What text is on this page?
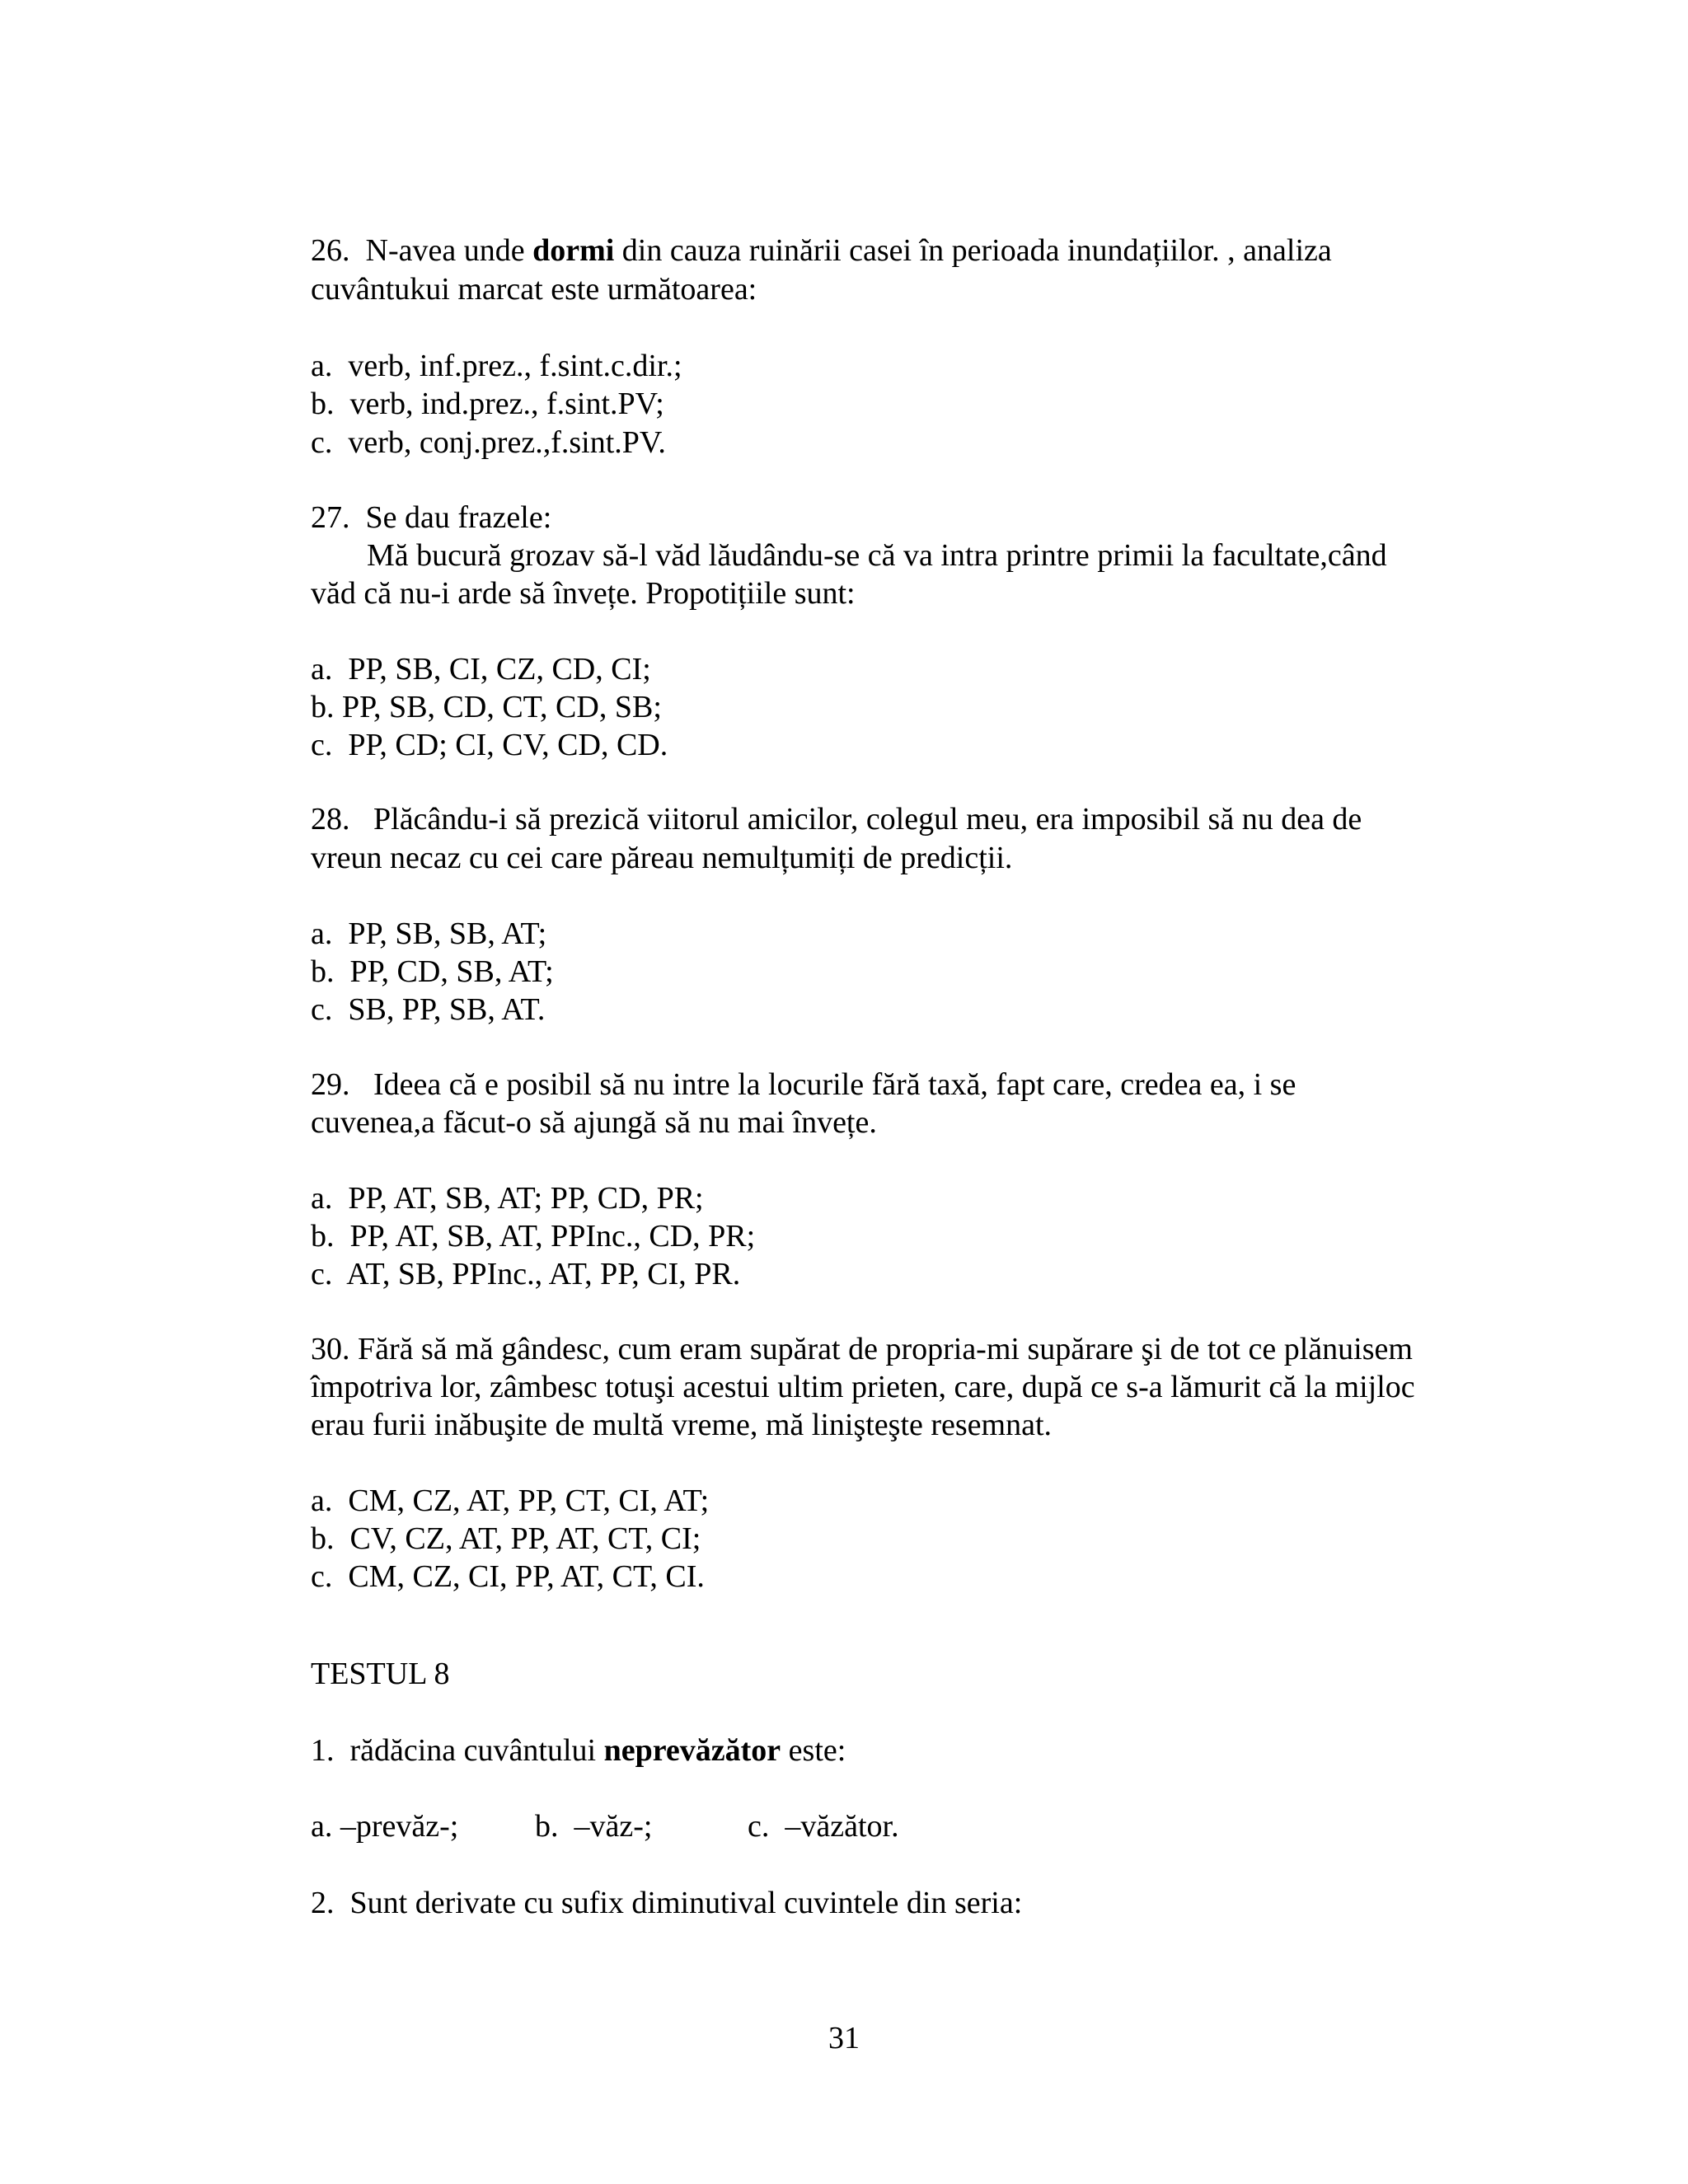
26.  N-avea unde dormi din cauza ruinării casei în perioada inundațiilor. , analiza
cuvântukui marcat este următoarea:
a.  verb, inf.prez., f.sint.c.dir.;
b.  verb, ind.prez., f.sint.PV;
c.  verb, conj.prez.,f.sint.PV.
27.  Se dau frazele:
Mă bucură grozav să-l văd lăudându-se că va intra printre primii la facultate,când
văd că nu-i arde să învețe. Propotițiile sunt:
a.  PP, SB, CI, CZ, CD, CI;
b. PP, SB, CD, CT, CD, SB;
c.  PP, CD; CI, CV, CD, CD.
28.   Plăcându-i să prezică viitorul amicilor, colegul meu, era imposibil să nu dea de
vreun necaz cu cei care păreau nemulțumiți de predicții.
a.  PP, SB, SB, AT;
b.  PP, CD, SB, AT;
c.  SB, PP, SB, AT.
29.   Ideea că e posibil să nu intre la locurile fără taxă, fapt care, credea ea, i se
cuvenea,a făcut-o să ajungă să nu mai învețe.
a.  PP, AT, SB, AT; PP, CD, PR;
b.  PP, AT, SB, AT, PPInc., CD, PR;
c.  AT, SB, PPInc., AT, PP, CI, PR.
30. Fără să mă gândesc, cum eram supărat de propria-mi supărare şi de tot ce plănuisem
împotriva lor, zâmbesc totuşi acestui ultim prieten, care, după ce s-a lămurit că la mijloc
erau furii inăbuşite de multă vreme, mă linişteşte resemnat.
a.  CM, CZ, AT, PP, CT, CI, AT;
b.  CV, CZ, AT, PP, AT, CT, CI;
c.  CM, CZ, CI, PP, AT, CT, CI.
TESTUL 8
1.  rădăcina cuvântului neprevăzător este:

a. –prevăz-;

b.  –văz-;

	c.  –văzător.

2.  Sunt derivate cu sufix diminutival cuvintele din seria:
31
